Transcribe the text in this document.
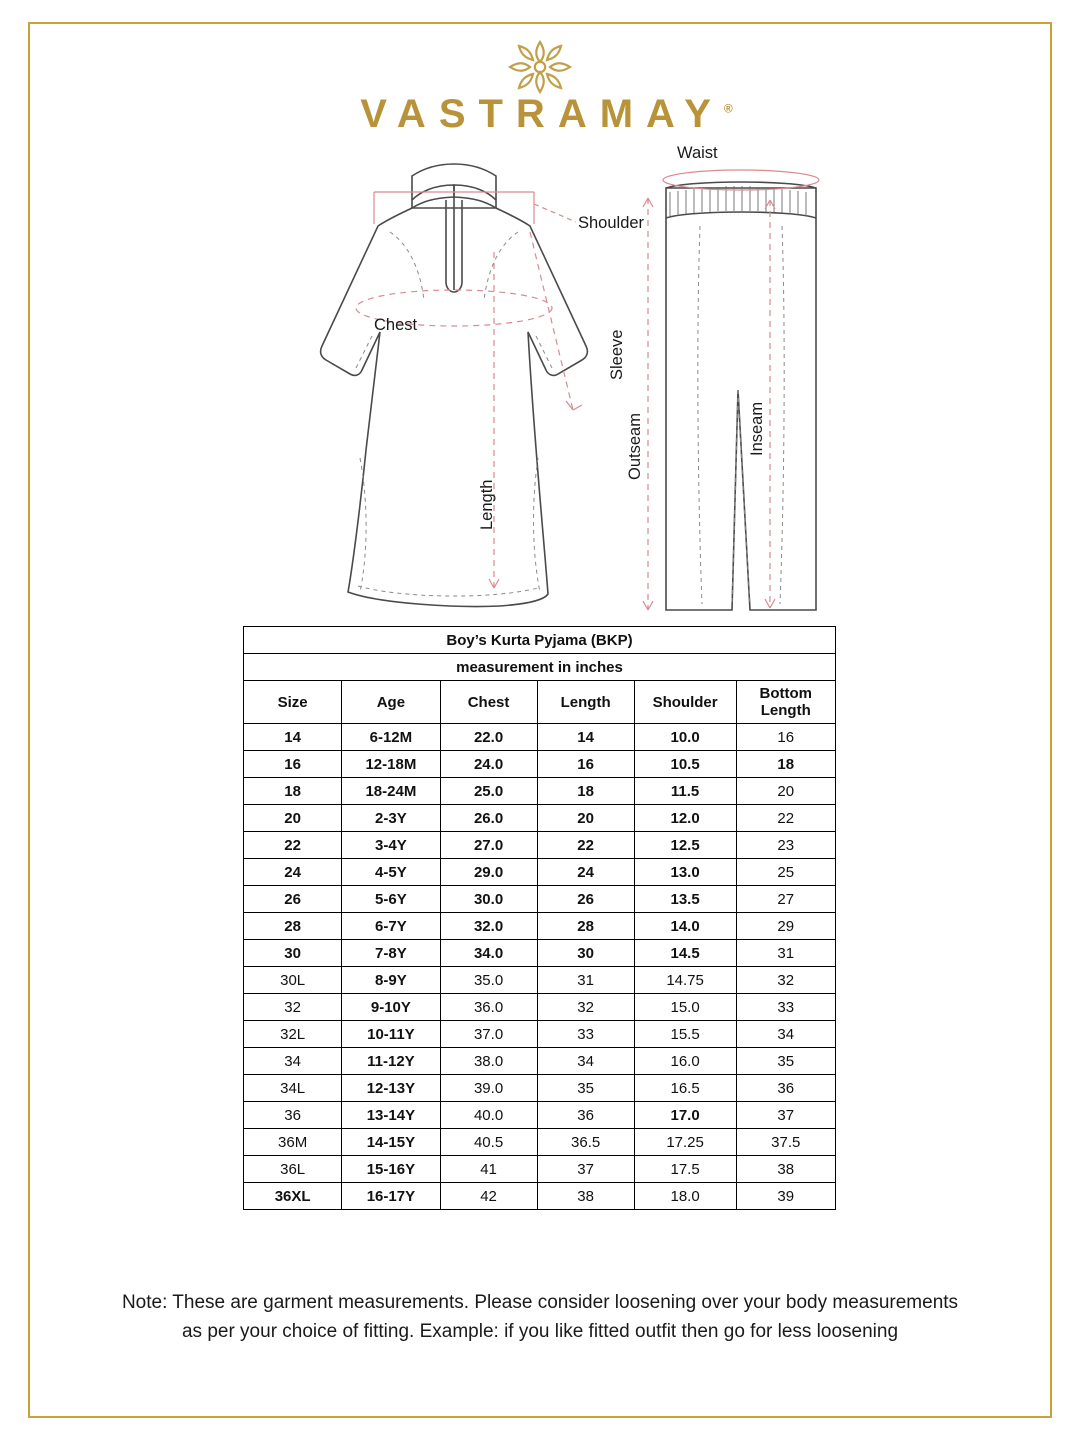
VASTRAMAY®
Shoulder
Chest
Sleeve
Length
Waist
Outseam	Inseam
Boy’s Kurta Pyjama (BKP)					
measurement in inches					
Size	Age	Chest	Length	Shoulder	Bottom Length
14	6-12M	22.0	14	10.0	16
16	12-18M	24.0	16	10.5	18
18	18-24M	25.0	18	11.5	20
20	2-3Y	26.0	20	12.0	22
22	3-4Y	27.0	22	12.5	23
24	4-5Y	29.0	24	13.0	25
26	5-6Y	30.0	26	13.5	27
28	6-7Y	32.0	28	14.0	29
30	7-8Y	34.0	30	14.5	31
30L	8-9Y	35.0	31	14.75	32
32	9-10Y	36.0	32	15.0	33
32L	10-11Y	37.0	33	15.5	34
34	11-12Y	38.0	34	16.0	35
34L	12-13Y	39.0	35	16.5	36
36	13-14Y	40.0	36	17.0	37
36M	14-15Y	40.5	36.5	17.25	37.5
36L	15-16Y	41	37	17.5	38
36XL	16-17Y	42	38	18.0	39
Note: These are garment measurements. Please consider loosening over your body measurements
as per your choice of fitting. Example: if you like fitted outfit then go for less loosening
